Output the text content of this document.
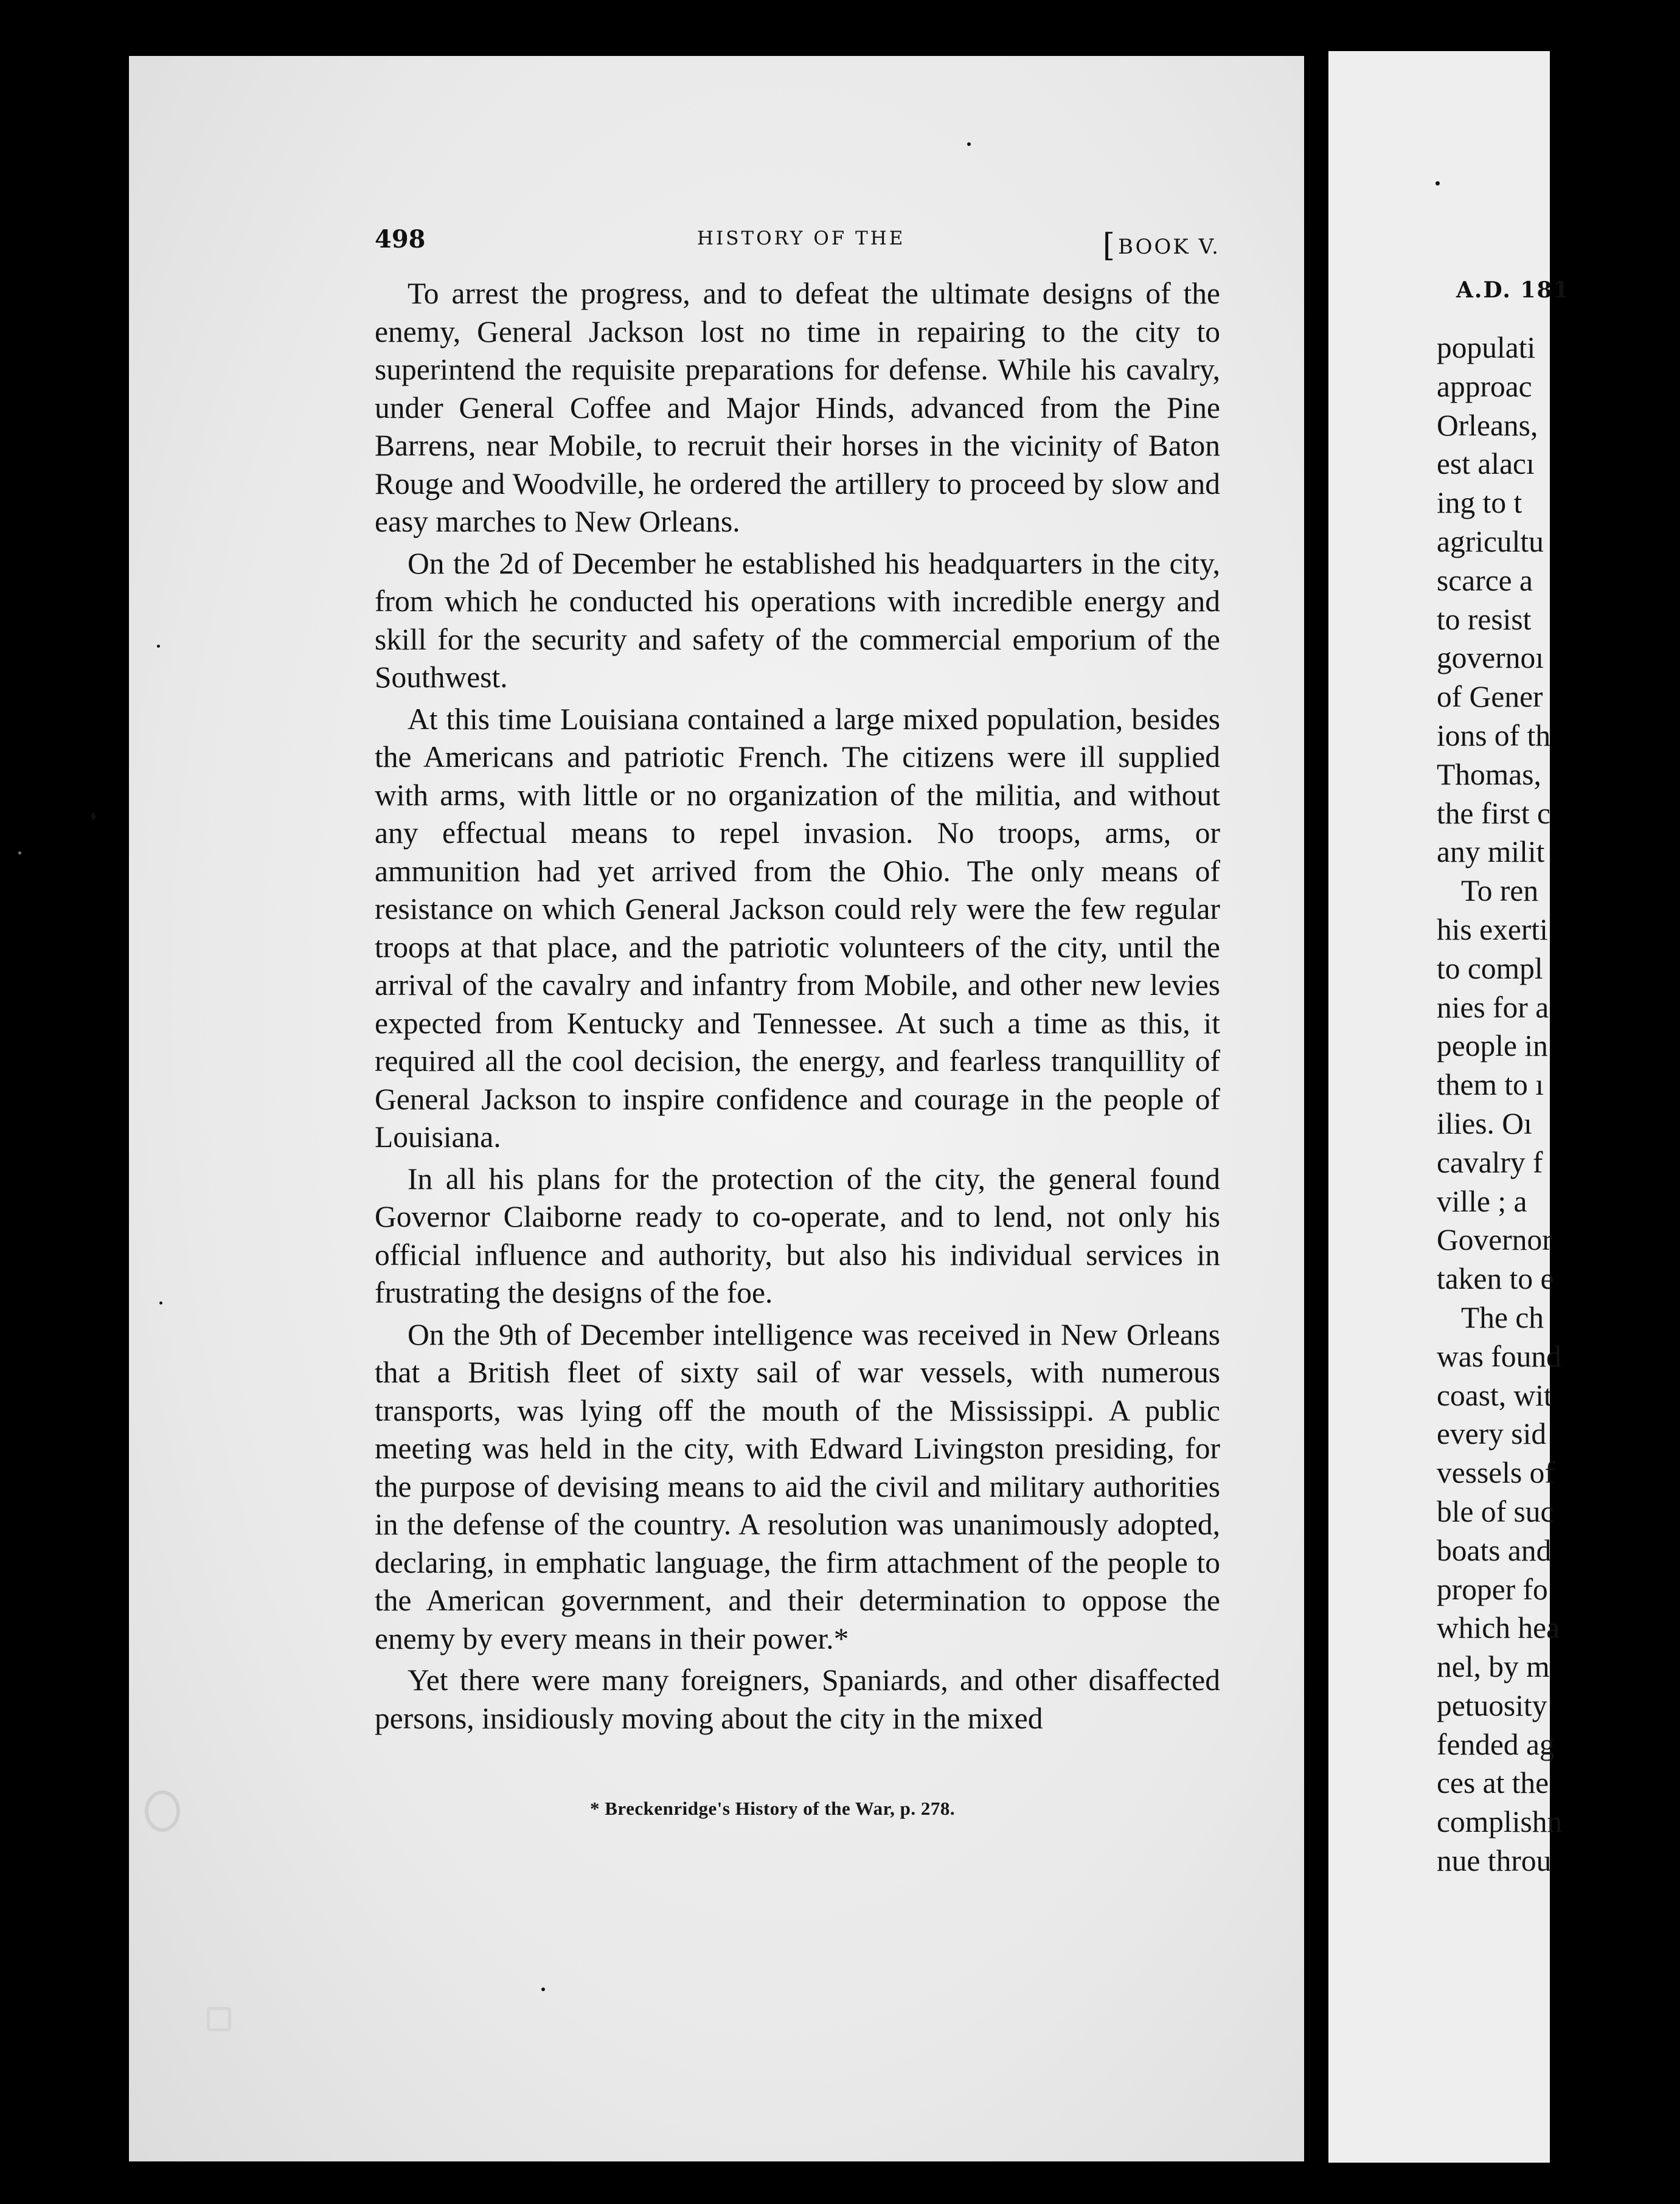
498	HISTORY OF THE	[BOOK V.

To arrest the progress, and to defeat the ultimate designs of the enemy, General Jackson lost no time in repairing to the city to superintend the requisite preparations for defense. While his cavalry, under General Coffee and Major Hinds, advanced from the Pine Barrens, near Mobile, to recruit their horses in the vicinity of Baton Rouge and Woodville, he ordered the artillery to proceed by slow and easy marches to New Orleans.

On the 2d of December he established his headquarters in the city, from which he conducted his operations with incredible energy and skill for the security and safety of the commercial emporium of the Southwest.

At this time Louisiana contained a large mixed population, besides the Americans and patriotic French. The citizens were ill supplied with arms, with little or no organization of the militia, and without any effectual means to repel invasion. No troops, arms, or ammunition had yet arrived from the Ohio. The only means of resistance on which General Jackson could rely were the few regular troops at that place, and the patriotic volunteers of the city, until the arrival of the cavalry and infantry from Mobile, and other new levies expected from Kentucky and Tennessee. At such a time as this, it required all the cool decision, the energy, and fearless tranquillity of General Jackson to inspire confidence and courage in the people of Louisiana.

In all his plans for the protection of the city, the general found Governor Claiborne ready to co-operate, and to lend, not only his official influence and authority, but also his individual services in frustrating the designs of the foe.

On the 9th of December intelligence was received in New Orleans that a British fleet of sixty sail of war vessels, with numerous transports, was lying off the mouth of the Mississippi. A public meeting was held in the city, with Edward Livingston presiding, for the purpose of devising means to aid the civil and military authorities in the defense of the country. A resolution was unanimously adopted, declaring, in emphatic language, the firm attachment of the people to the American government, and their determination to oppose the enemy by every means in their power.*

Yet there were many foreigners, Spaniards, and other disaffected persons, insidiously moving about the city in the mixed

* Breckenridge's History of the War, p. 278.
A.D. 181
populati
approac
Orleans,
est alacı
ing to t
agricultu
scarce a
to resist
governoı
of Gener
ions of th
Thomas,
the first c
any milit
To ren
his exerti
to compl
nies for a
people in
them to ı
ilies. Oı
cavalry f
ville ; a
Governor
taken to e
The ch
was found
coast, wit
every sid
vessels of
ble of suc
boats and
proper fo
which hea
nel, by m
petuosity
fended ag
ces at the
complishn
nue throu
